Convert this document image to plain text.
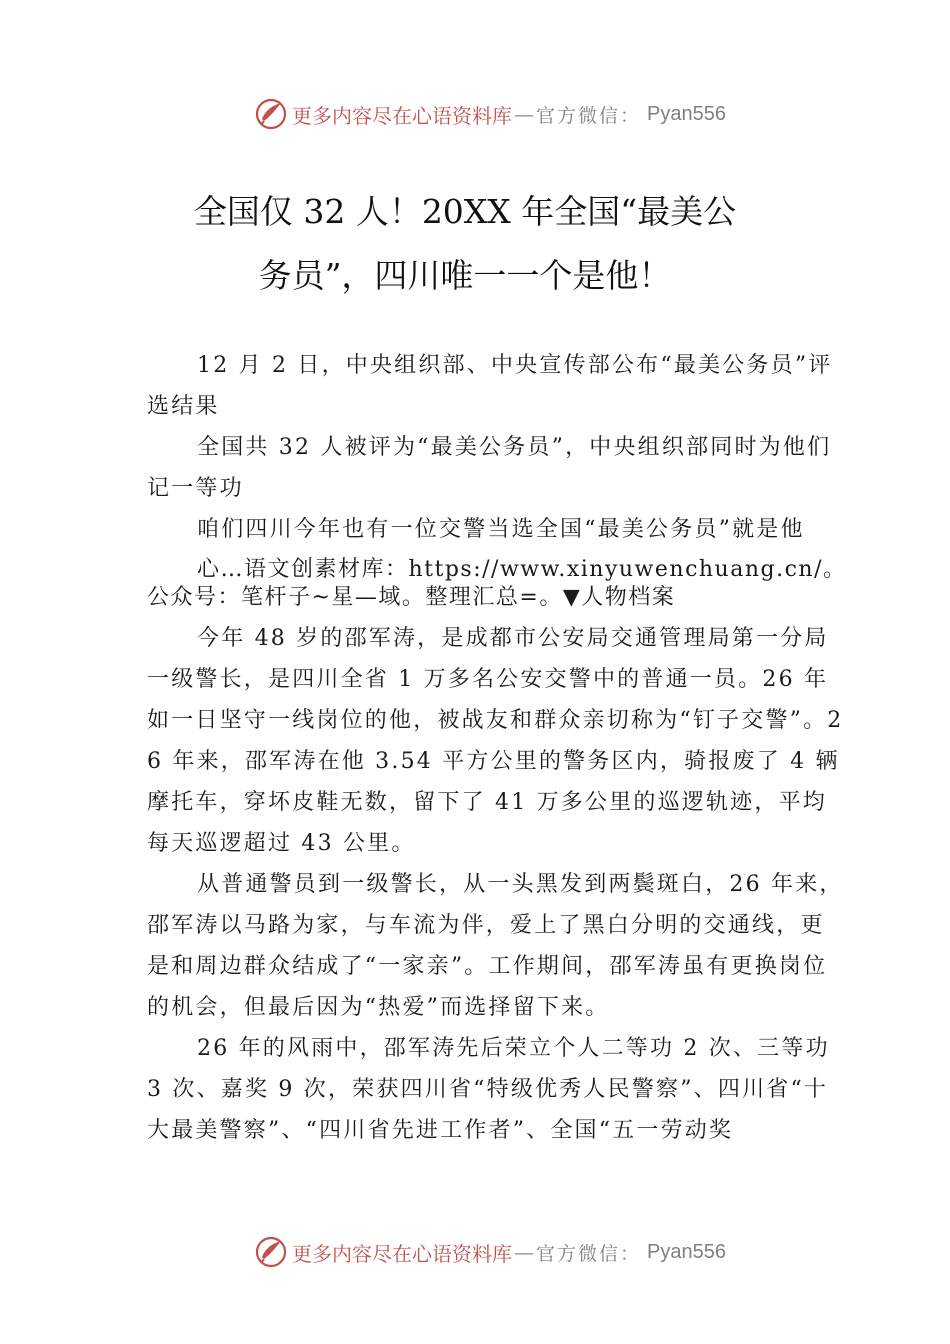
更多内容尽在心语资料库 — 官方微信： Pyan556
全国仅 32 人！20XX 年全国“最美公
务员”，四川唯一一个是他！

12 月 2 日，中央组织部、中央宣传部公布“最美公务员”评选结果

全国共 32 人被评为“最美公务员”，中央组织部同时为他们记一等功

咱们四川今年也有一位交警当选全国“最美公务员”就是他

心…语文创素材库：https://www.xinyuwenchuang.cn/。公众号：笔杆子~星—域。整理汇总=。▼人物档案

今年 48 岁的邵军涛，是成都市公安局交通管理局第一分局一级警长，是四川全省 1 万多名公安交警中的普通一员。26 年如一日坚守一线岗位的他，被战友和群众亲切称为“钉子交警”。26 年来，邵军涛在他 3.54 平方公里的警务区内，骑报废了 4 辆摩托车，穿坏皮鞋无数，留下了 41 万多公里的巡逻轨迹，平均每天巡逻超过 43 公里。

从普通警员到一级警长，从一头黑发到两鬓斑白，26 年来，邵军涛以马路为家，与车流为伴，爱上了黑白分明的交通线，更是和周边群众结成了“一家亲”。工作期间，邵军涛虽有更换岗位的机会，但最后因为“热爱”而选择留下来。

26 年的风雨中，邵军涛先后荣立个人二等功 2 次、三等功 3 次、嘉奖 9 次，荣获四川省“特级优秀人民警察”、四川省“十大最美警察”、“四川省先进工作者”、全国“五一劳动奖

更多内容尽在心语资料库 — 官方微信： Pyan556
